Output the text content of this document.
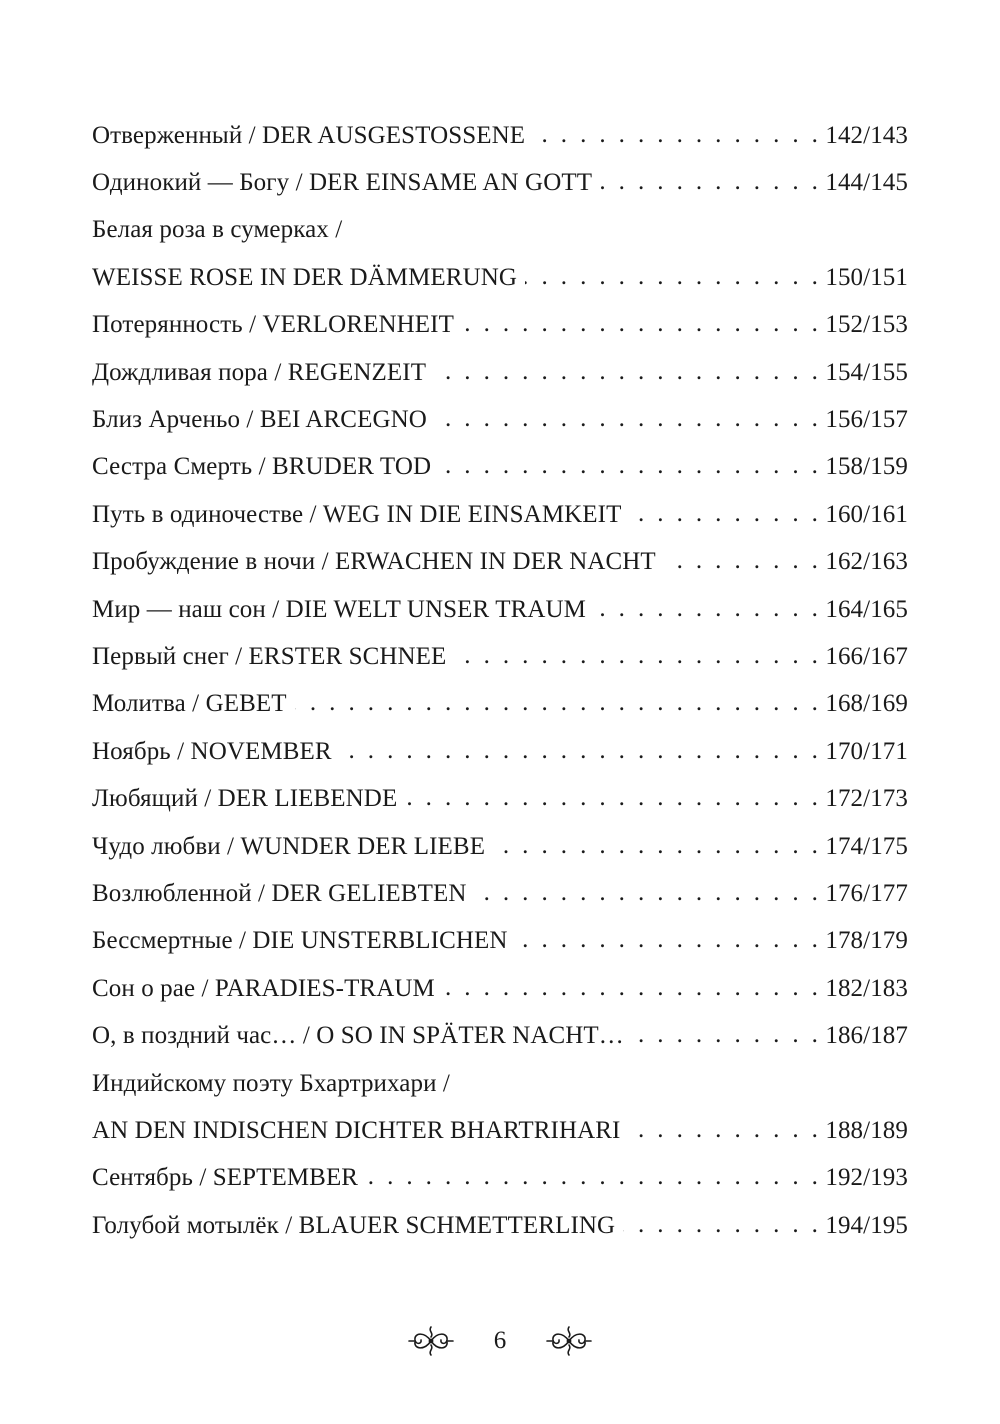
Отверженный / DER AUSGESTOSSENE . . .	142/143
Одинокий — Богу / DER EINSAME AN GOTT . . .	144/145
Белая роза в сумерках /
WEISSE ROSE IN DER DÄMMERUNG . . .	150/151
Потерянность / VERLORENHEIT . . .	152/153
Дождливая пора / REGENZEIT . . .	154/155
Близ Арченьо / BEI ARCEGNO . . .	156/157
Сестра Смерть / BRUDER TOD . . .	158/159
Путь в одиночестве / WEG IN DIE EINSAMKEIT . . .	160/161
Пробуждение в ночи / ERWACHEN IN DER NACHT . . .	162/163
Мир — наш сон / DIE WELT UNSER TRAUM . . .	164/165
Первый снег / ERSTER SCHNEE . . .	166/167
Молитва / GEBET . . .	168/169
Ноябрь / NOVEMBER . . .	170/171
Любящий / DER LIEBENDE . . .	172/173
Чудо любви / WUNDER DER LIEBE . . .	174/175
Возлюбленной / DER GELIEBTEN . . .	176/177
Бессмертные / DIE UNSTERBLICHEN . . .	178/179
Сон о рае / PARADIES-TRAUM . . .	182/183
О, в поздний час… / O SO IN SPÄTER NACHT… . . .	186/187
Индийскому поэту Бхартрихари /
AN DEN INDISCHEN DICHTER BHARTRIHARI . . .	188/189
Сентябрь / SEPTEMBER . . .	192/193
Голубой мотылёк / BLAUER SCHMETTERLING . . .	194/195
6
